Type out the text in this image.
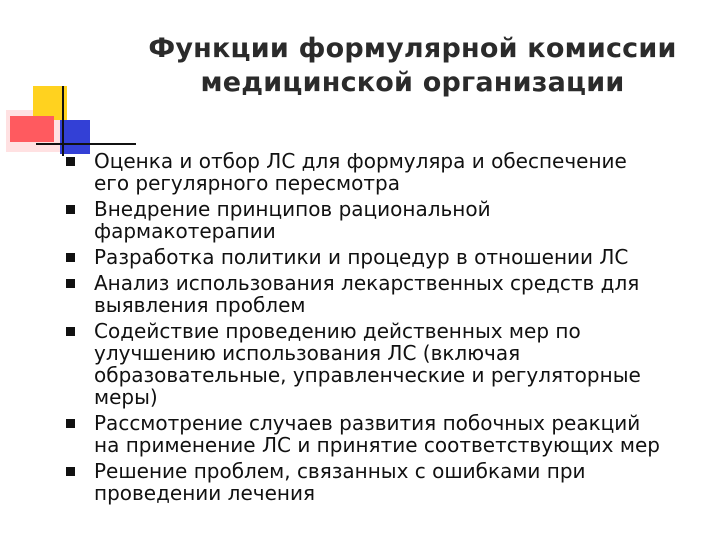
Функции формулярной комиссии
медицинской организации
Оценка и отбор ЛС для формуляра и обеспечение
его регулярного пересмотра
Внедрение принципов рациональной
фармакотерапии
Разработка политики и процедур в отношении ЛС
Анализ использования лекарственных средств для
выявления проблем
Содействие проведению действенных мер по
улучшению использования ЛС (включая
образовательные, управленческие и регуляторные
меры)
Рассмотрение случаев развития побочных реакций
на применение ЛС и принятие соответствующих мер
Решение проблем, связанных с ошибками при
проведении лечения
